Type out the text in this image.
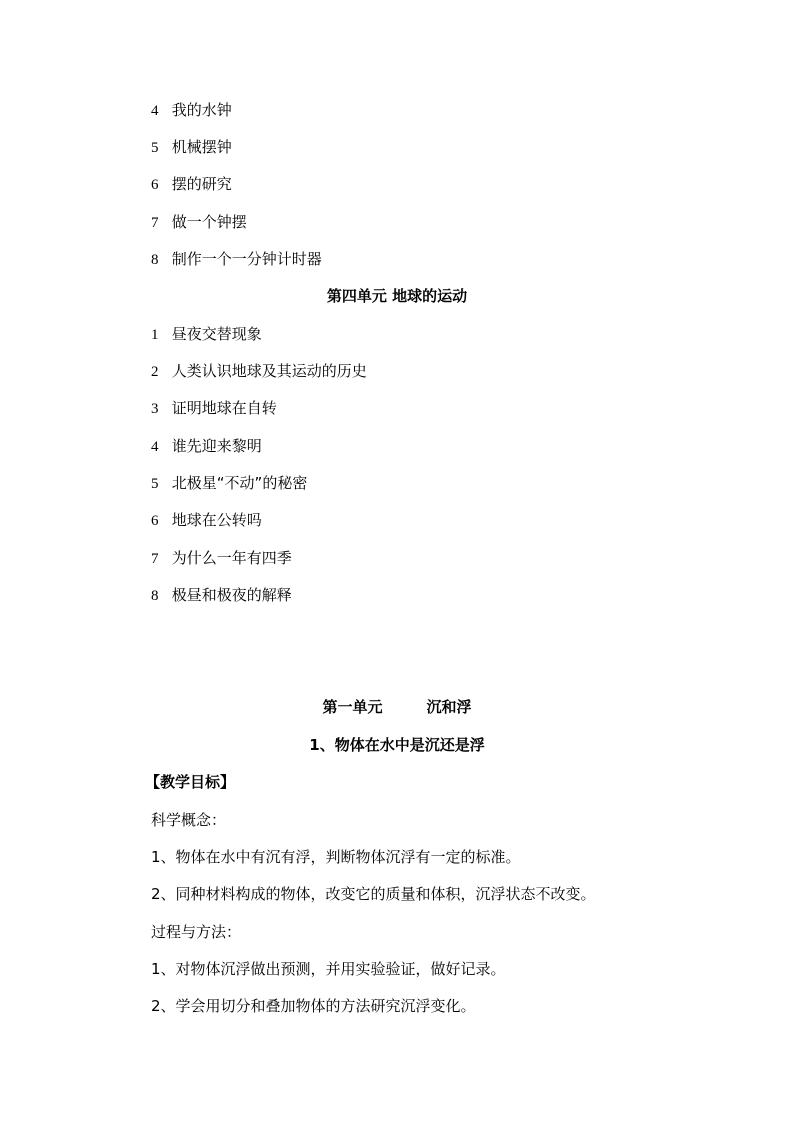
4 我的水钟
5 机械摆钟
6 摆的研究
7 做一个钟摆
8 制作一个一分钟计时器
第四单元 地球的运动
1 昼夜交替现象
2 人类认识地球及其运动的历史
3 证明地球在自转
4 谁先迎来黎明
5 北极星“不动”的秘密
6 地球在公转吗
7 为什么一年有四季
8 极昼和极夜的解释
第一单元	沉和浮
1、物体在水中是沉还是浮
【教学目标】
科学概念：
1、物体在水中有沉有浮，判断物体沉浮有一定的标准。
2、同种材料构成的物体，改变它的质量和体积，沉浮状态不改变。
过程与方法：
1、对物体沉浮做出预测，并用实验验证，做好记录。
2、学会用切分和叠加物体的方法研究沉浮变化。
